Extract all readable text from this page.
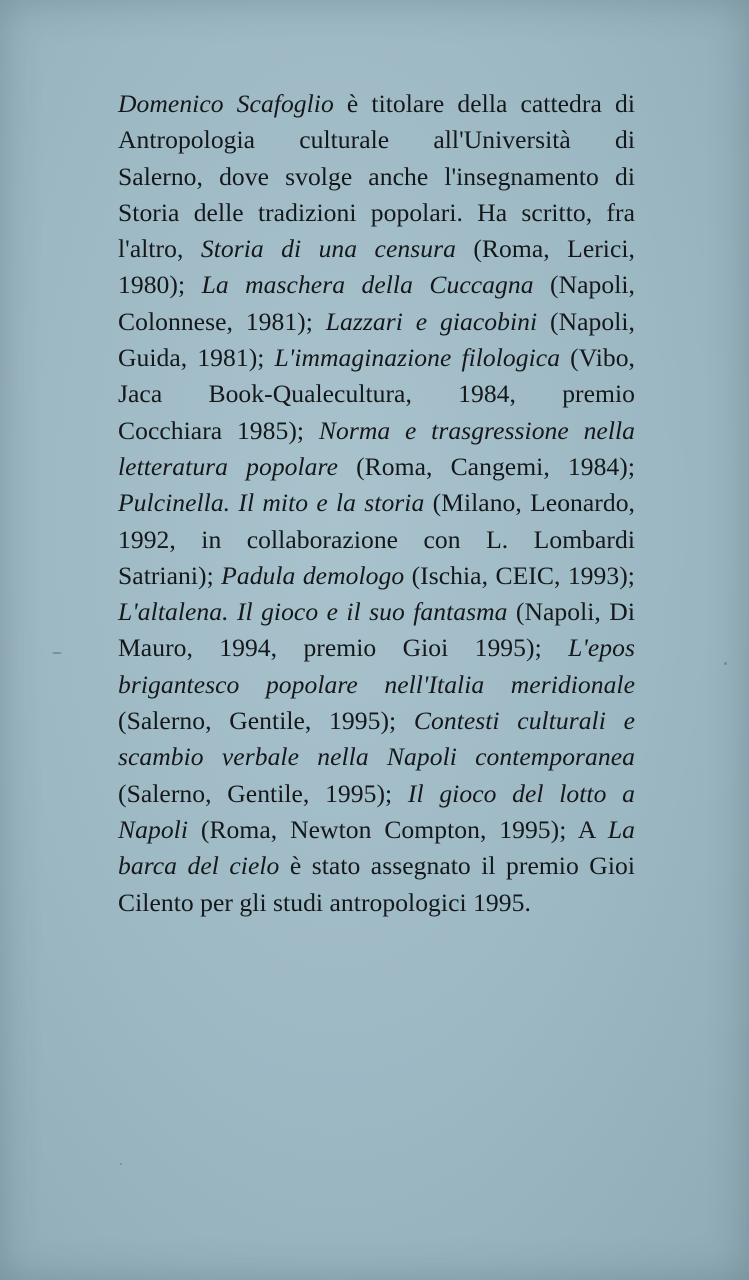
Domenico Scafoglio è titolare della cattedra di
Antropologia culturale all'Università di
Salerno, dove svolge anche l'insegnamento di
Storia delle tradizioni popolari. Ha scritto, fra
l'altro, Storia di una censura (Roma, Lerici,
1980); La maschera della Cuccagna (Napoli,
Colonnese, 1981); Lazzari e giacobini (Napoli,
Guida, 1981); L'immaginazione filologica (Vibo,
Jaca Book-Qualecultura, 1984, premio
Cocchiara 1985); Norma e trasgressione nella
letteratura popolare (Roma, Cangemi, 1984);
Pulcinella. Il mito e la storia (Milano, Leonardo,
1992, in collaborazione con L. Lombardi
Satriani); Padula demologo (Ischia, CEIC, 1993);
L'altalena. Il gioco e il suo fantasma (Napoli, Di
Mauro, 1994, premio Gioi 1995); L'epos
brigantesco popolare nell'Italia meridionale
(Salerno, Gentile, 1995); Contesti culturali e
scambio verbale nella Napoli contemporanea
(Salerno, Gentile, 1995); Il gioco del lotto a
Napoli (Roma, Newton Compton, 1995); A La
barca del cielo è stato assegnato il premio Gioi
Cilento per gli studi antropologici 1995.
